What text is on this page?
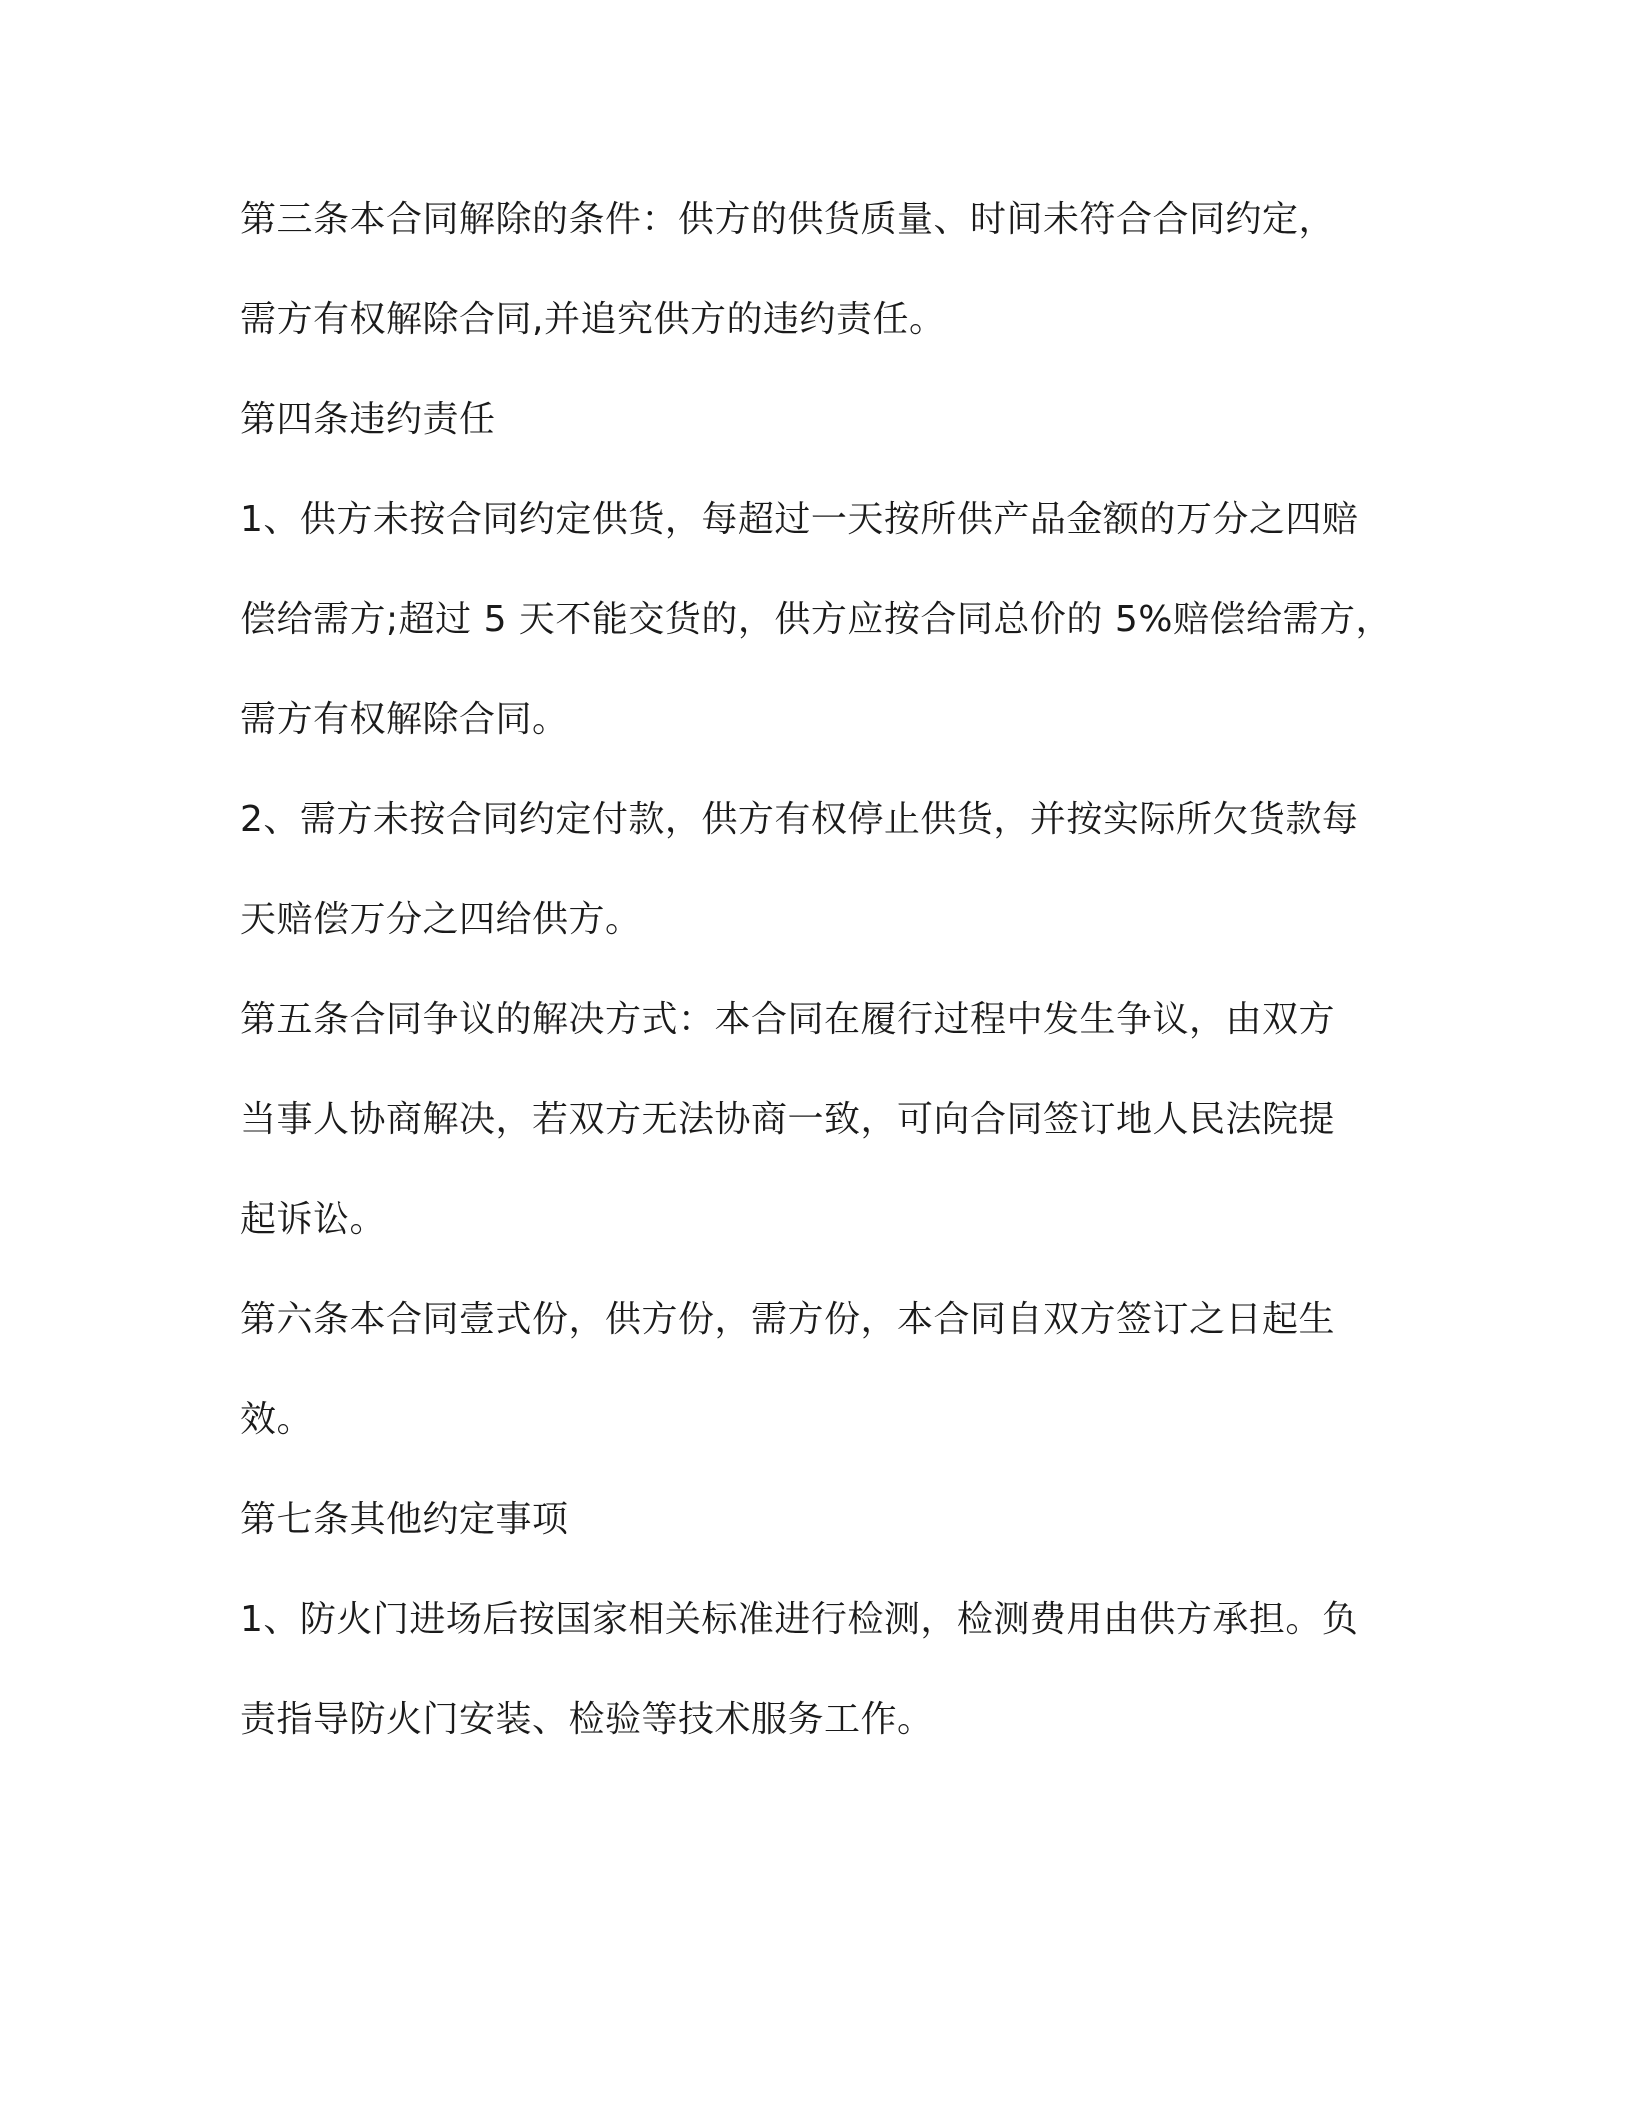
第三条本合同解除的条件：供方的供货质量、时间未符合合同约定，
需方有权解除合同,并追究供方的违约责任。
第四条违约责任
1、供方未按合同约定供货，每超过一天按所供产品金额的万分之四赔
偿给需方;超过 5 天不能交货的，供方应按合同总价的 5%赔偿给需方，
需方有权解除合同。
2、需方未按合同约定付款，供方有权停止供货，并按实际所欠货款每
天赔偿万分之四给供方。
第五条合同争议的解决方式：本合同在履行过程中发生争议，由双方
当事人协商解决，若双方无法协商一致，可向合同签订地人民法院提
起诉讼。
第六条本合同壹式份，供方份，需方份，本合同自双方签订之日起生
效。
第七条其他约定事项
1、防火门进场后按国家相关标准进行检测，检测费用由供方承担。负
责指导防火门安装、检验等技术服务工作。
